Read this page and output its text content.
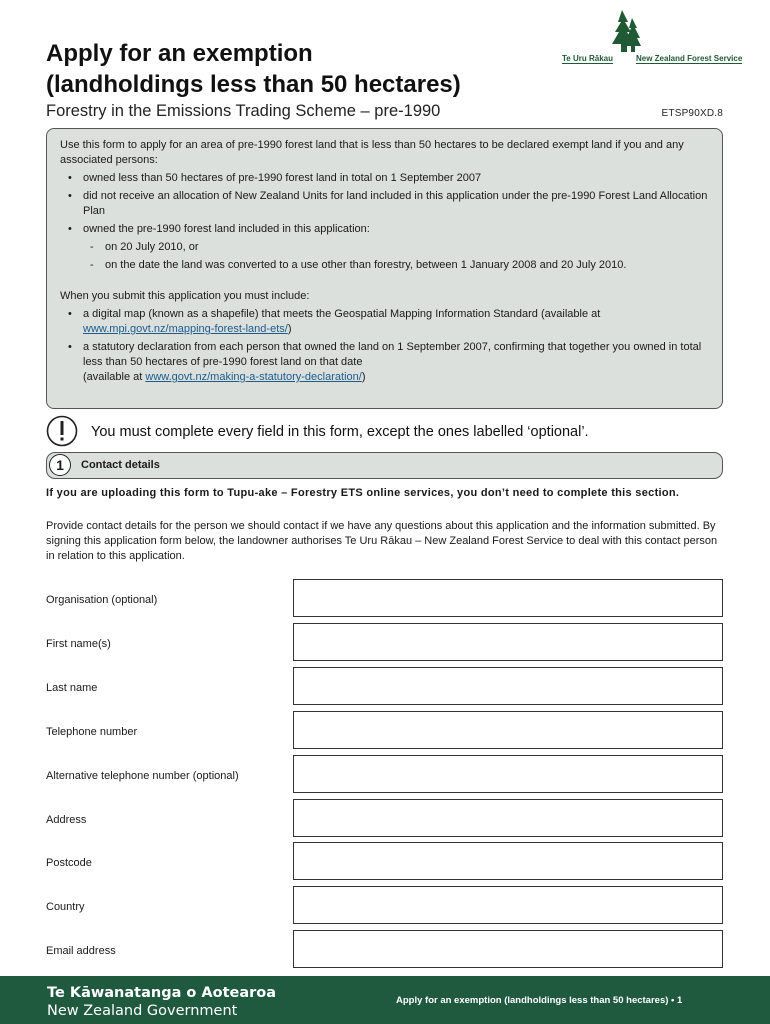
Apply for an exemption
(landholdings less than 50 hectares)
Forestry in the Emissions Trading Scheme – pre-1990	ETSP90XD.8
Te Uru Rākau	New Zealand Forest Service

Use this form to apply for an area of pre-1990 forest land that is less than 50 hectares to be declared exempt land if you and any associated persons:

• owned less than 50 hectares of pre-1990 forest land in total on 1 September 2007
• did not receive an allocation of New Zealand Units for land included in this application under the pre-1990 Forest Land Allocation Plan
• owned the pre-1990 forest land included in this application:
- on 20 July 2010, or
- on the date the land was converted to a use other than forestry, between 1 January 2008 and 20 July 2010.

When you submit this application you must include:

• a digital map (known as a shapefile) that meets the Geospatial Mapping Information Standard (available at www.mpi.govt.nz/mapping-forest-land-ets/)
• a statutory declaration from each person that owned the land on 1 September 2007, confirming that together you owned in total less than 50 hectares of pre-1990 forest land on that date
(available at www.govt.nz/making-a-statutory-declaration/)
You must complete every field in this form, except the ones labelled ‘optional’.
1	Contact details
If you are uploading this form to Tupu-ake – Forestry ETS online services, you don’t need to complete this section.
Provide contact details for the person we should contact if we have any questions about this application and the information submitted. By signing this application form below, the landowner authorises Te Uru Rākau – New Zealand Forest Service to deal with this contact person in relation to this application.
Organisation (optional)
First name(s)
Last name
Telephone number
Alternative telephone number (optional)
Address
Postcode
Country
Email address
Te Kāwanatanga o Aotearoa
New Zealand Government
Apply for an exemption (landholdings less than 50 hectares) • 1
